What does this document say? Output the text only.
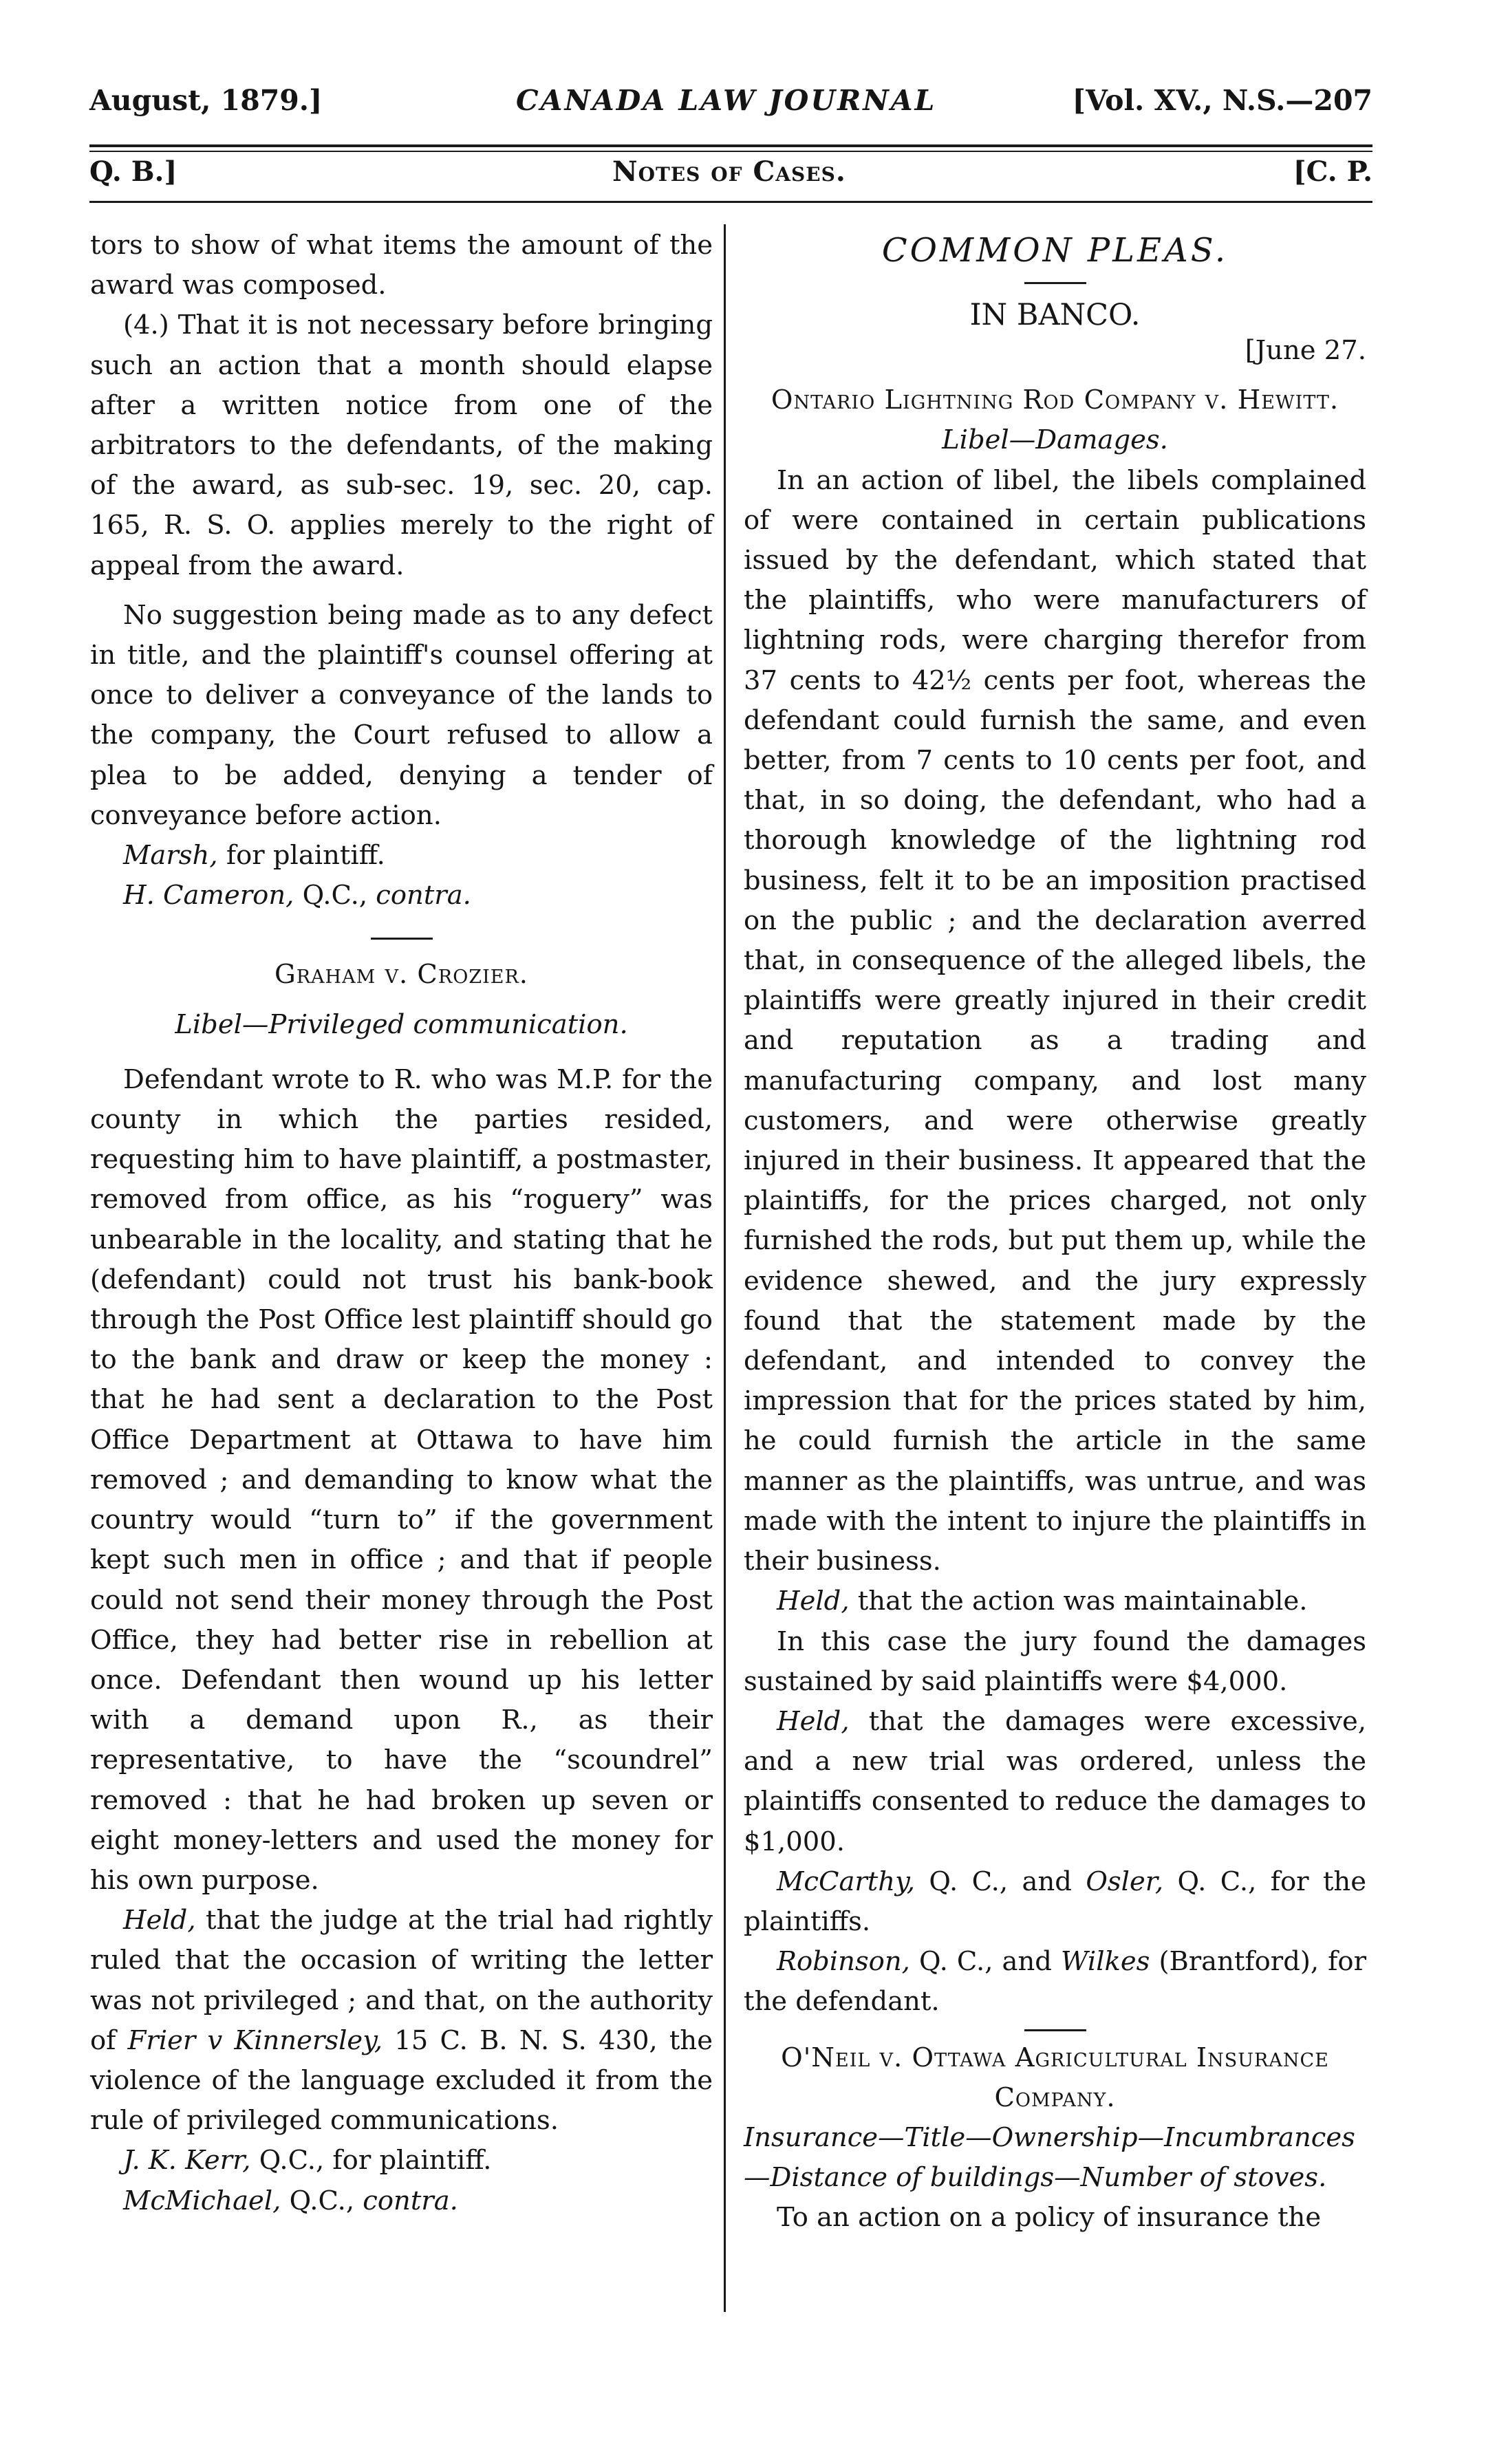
August, 1879.]	CANADA LAW JOURNAL	[Vol. XV., N.S.—207
Q. B.]	Notes of Cases.	[C. P.

tors to show of what items the amount of the award was composed.

(4.) That it is not necessary before bringing such an action that a month should elapse after a written notice from one of the arbitrators to the defendants, of the making of the award, as sub-sec. 19, sec. 20, cap. 165, R. S. O. applies merely to the right of appeal from the award.

No suggestion being made as to any defect in title, and the plaintiff's counsel offering at once to deliver a conveyance of the lands to the company, the Court refused to allow a plea to be added, denying a tender of conveyance before action.

Marsh, for plaintiff.

H. Cameron, Q.C., contra.

Graham v. Crozier.

Libel—Privileged communication.

Defendant wrote to R. who was M.P. for the county in which the parties resided, requesting him to have plaintiff, a postmaster, removed from office, as his “roguery” was unbearable in the locality, and stating that he (defendant) could not trust his bank-book through the Post Office lest plaintiff should go to the bank and draw or keep the money : that he had sent a declaration to the Post Office Department at Ottawa to have him removed ; and demanding to know what the country would “turn to” if the government kept such men in office ; and that if people could not send their money through the Post Office, they had better rise in rebellion at once. Defendant then wound up his letter with a demand upon R., as their representative, to have the “scoundrel” removed : that he had broken up seven or eight money-letters and used the money for his own purpose.

Held, that the judge at the trial had rightly ruled that the occasion of writing the letter was not privileged ; and that, on the authority of Frier v Kinnersley, 15 C. B. N. S. 430, the violence of the language excluded it from the rule of privileged communications.

J. K. Kerr, Q.C., for plaintiff.

McMichael, Q.C., contra.

COMMON PLEAS.

IN BANCO.

[June 27.

Ontario Lightning Rod Company v. Hewitt.

Libel—Damages.

In an action of libel, the libels complained of were contained in certain publications issued by the defendant, which stated that the plaintiffs, who were manufacturers of lightning rods, were charging therefor from 37 cents to 42½ cents per foot, whereas the defendant could furnish the same, and even better, from 7 cents to 10 cents per foot, and that, in so doing, the defendant, who had a thorough knowledge of the lightning rod business, felt it to be an imposition practised on the public ; and the declaration averred that, in consequence of the alleged libels, the plaintiffs were greatly injured in their credit and reputation as a trading and manufacturing company, and lost many customers, and were otherwise greatly injured in their business. It appeared that the plaintiffs, for the prices charged, not only furnished the rods, but put them up, while the evidence shewed, and the jury expressly found that the statement made by the defendant, and intended to convey the impression that for the prices stated by him, he could furnish the article in the same manner as the plaintiffs, was untrue, and was made with the intent to injure the plaintiffs in their business.

Held, that the action was maintainable.

In this case the jury found the damages sustained by said plaintiffs were $4,000.

Held, that the damages were excessive, and a new trial was ordered, unless the plaintiffs consented to reduce the damages to $1,000.

McCarthy, Q. C., and Osler, Q. C., for the plaintiffs.

Robinson, Q. C., and Wilkes (Brantford), for the defendant.

O'Neil v. Ottawa Agricultural Insurance Company.

Insurance—Title—Ownership—Incumbrances—Distance of buildings—Number of stoves.

To an action on a policy of insurance the
